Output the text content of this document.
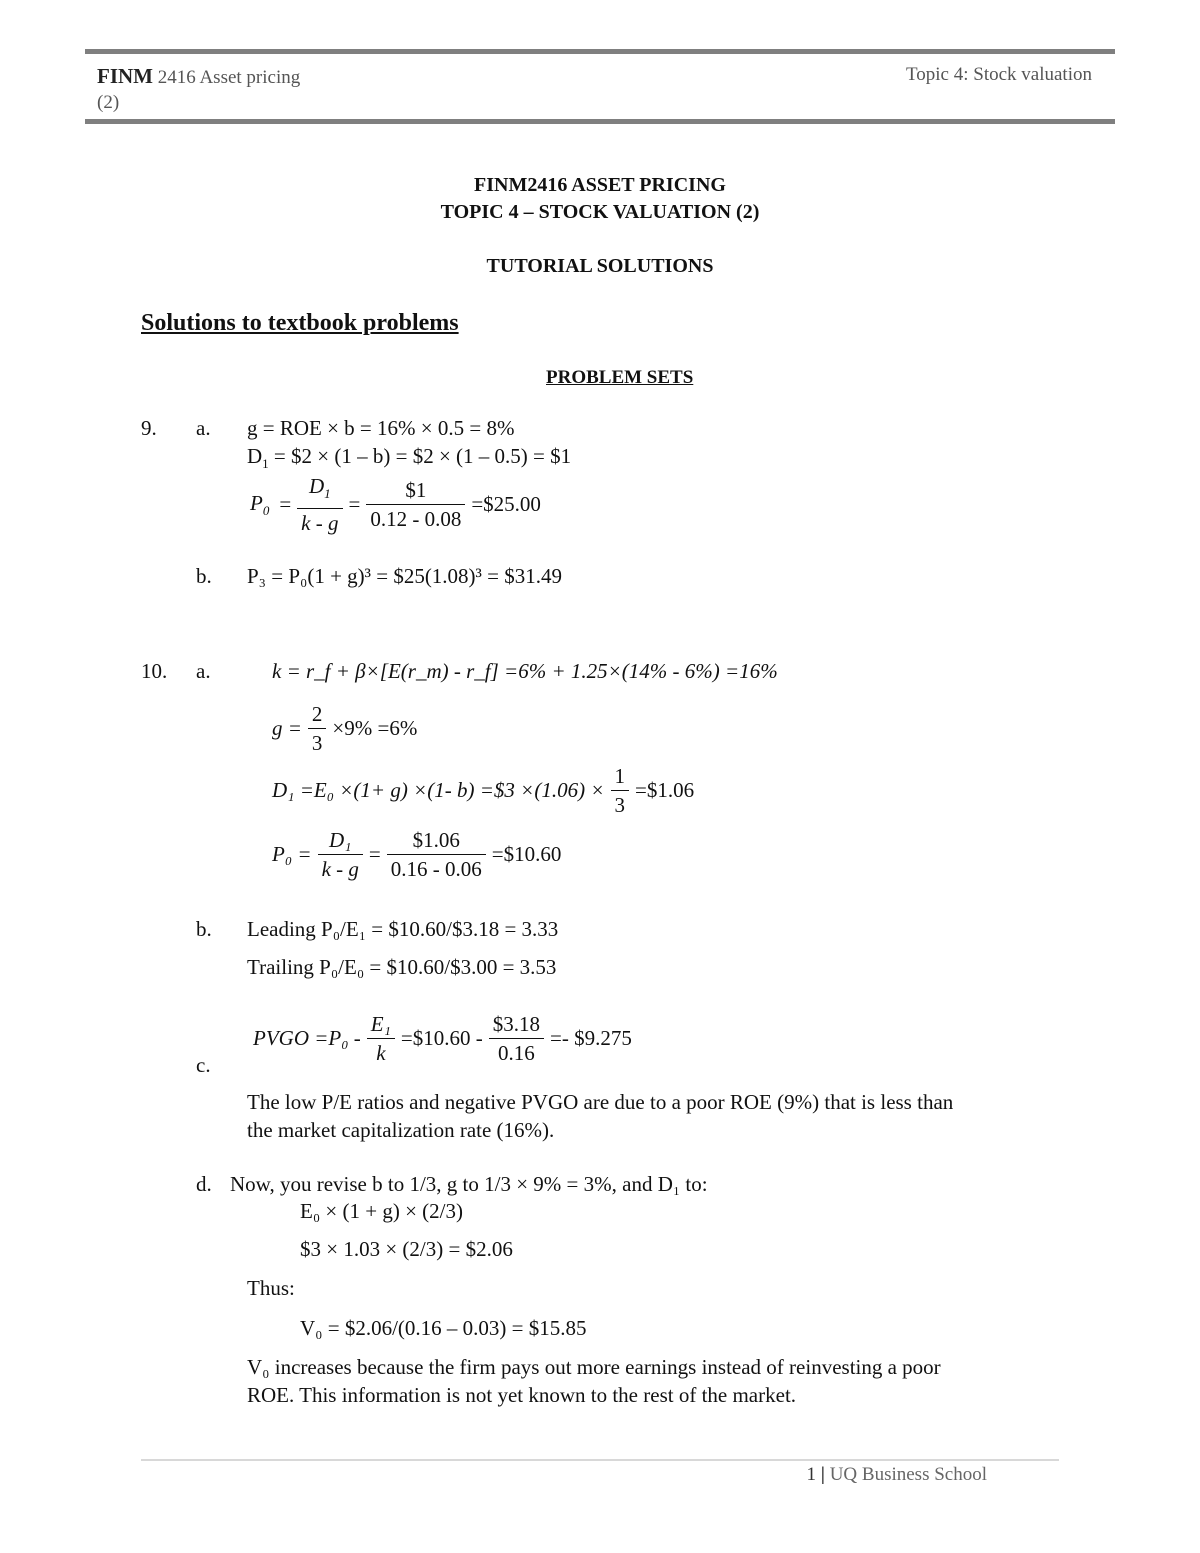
FINM 2416 Asset pricing
(2)
Topic 4: Stock valuation
FINM2416 ASSET PRICING
TOPIC 4 – STOCK VALUATION (2)
TUTORIAL SOLUTIONS
Solutions to textbook problems
PROBLEM SETS
9. a. g = ROE × b = 16% × 0.5 = 8%
$D_1$ = $2 × (1 – b) = $2 × (1 – 0.5) = $1
$P_0 = \frac{D_1}{k - g} = \frac{\$1}{0.12 - 0.08}$ =$25.00
b. P₃ = P₀(1 + g)³ = $25(1.08)³ = $31.49
10. a.	k = r_f + β×[E(r_m) - r_f] =6% + 1.25×(14% - 6%) =16%
$g = \frac{2}{3} \times 9\% =6\%$
D₁ =E₀ ×(1+ g) ×(1- b) =$3 $\times(1.06) \times \frac{1}{3}$ =$1.06
$P_0 = \frac{\text{D₁}}{k - g} = \frac{\$1.06}{0.16 - 0.06}$ =$10.60
b. Leading P₀/E₁ = $10.60/$3.18 = 3.33
Trailing P₀/E₀ = $10.60/$3.00 = 3.53
PVGO $=P_0 - \frac{\text{E₁}}{k}$ =$10.60 - $\frac{\$3.18}{0.16}$ =- $9.275
c.
The low P/E ratios and negative PVGO are due to a poor ROE (9%) that is less than
the market capitalization rate (16%).
d. Now, you revise b to 1/3, g to 1/3 × 9% = 3%, and D₁ to:
E₀ × (1 + g) × (2/3)
$3 × 1.03 × (2/3) = $2.06
Thus:
V₀ = $2.06/(0.16 – 0.03) = $15.85
V₀ increases because the firm pays out more earnings instead of reinvesting a poor
ROE. This information is not yet known to the rest of the market.
1 | UQ Business School
